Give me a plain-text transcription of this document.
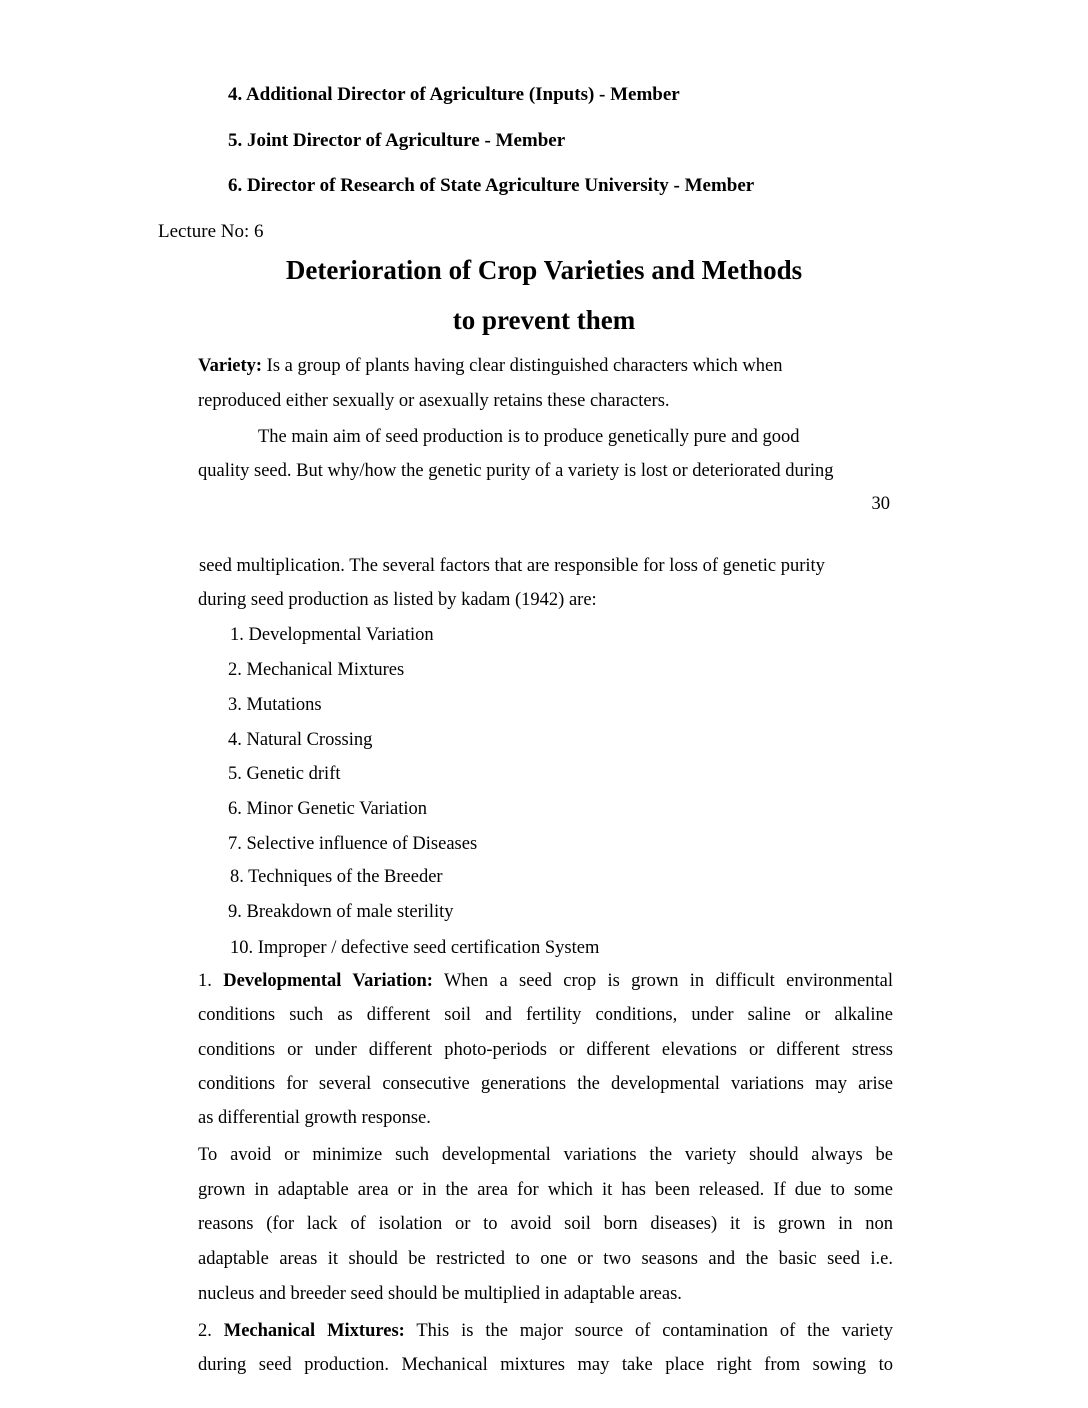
4. Additional Director of Agriculture (Inputs) - Member
5. Joint Director of Agriculture - Member
6. Director of Research of State Agriculture University - Member
Lecture No: 6
Deterioration of Crop Varieties and Methods
to prevent them
Variety: Is a group of plants having clear distinguished characters which when
reproduced either sexually or asexually retains these characters.
The main aim of seed production is to produce genetically pure and good
quality seed. But why/how the genetic purity of a variety is lost or deteriorated during
30
seed multiplication. The several factors that are responsible for loss of genetic purity
during seed production as listed by kadam (1942) are:
1. Developmental Variation
2. Mechanical Mixtures
3. Mutations
4. Natural Crossing
5. Genetic drift
6. Minor Genetic Variation
7. Selective influence of Diseases
8. Techniques of the Breeder
9. Breakdown of male sterility
10. Improper / defective seed certification System
1. Developmental Variation: When a seed crop is grown in difficult environmental
conditions such as different soil and fertility conditions, under saline or alkaline
conditions or under different photo-periods or different elevations or different stress
conditions for several consecutive generations the developmental variations may arise
as differential growth response.
To avoid or minimize such developmental variations the variety should always be
grown in adaptable area or in the area for which it has been released. If due to some
reasons (for lack of isolation or to avoid soil born diseases) it is grown in non
adaptable areas it should be restricted to one or two seasons and the basic seed i.e.
nucleus and breeder seed should be multiplied in adaptable areas.
2. Mechanical Mixtures: This is the major source of contamination of the variety
during seed production. Mechanical mixtures may take place right from sowing to
